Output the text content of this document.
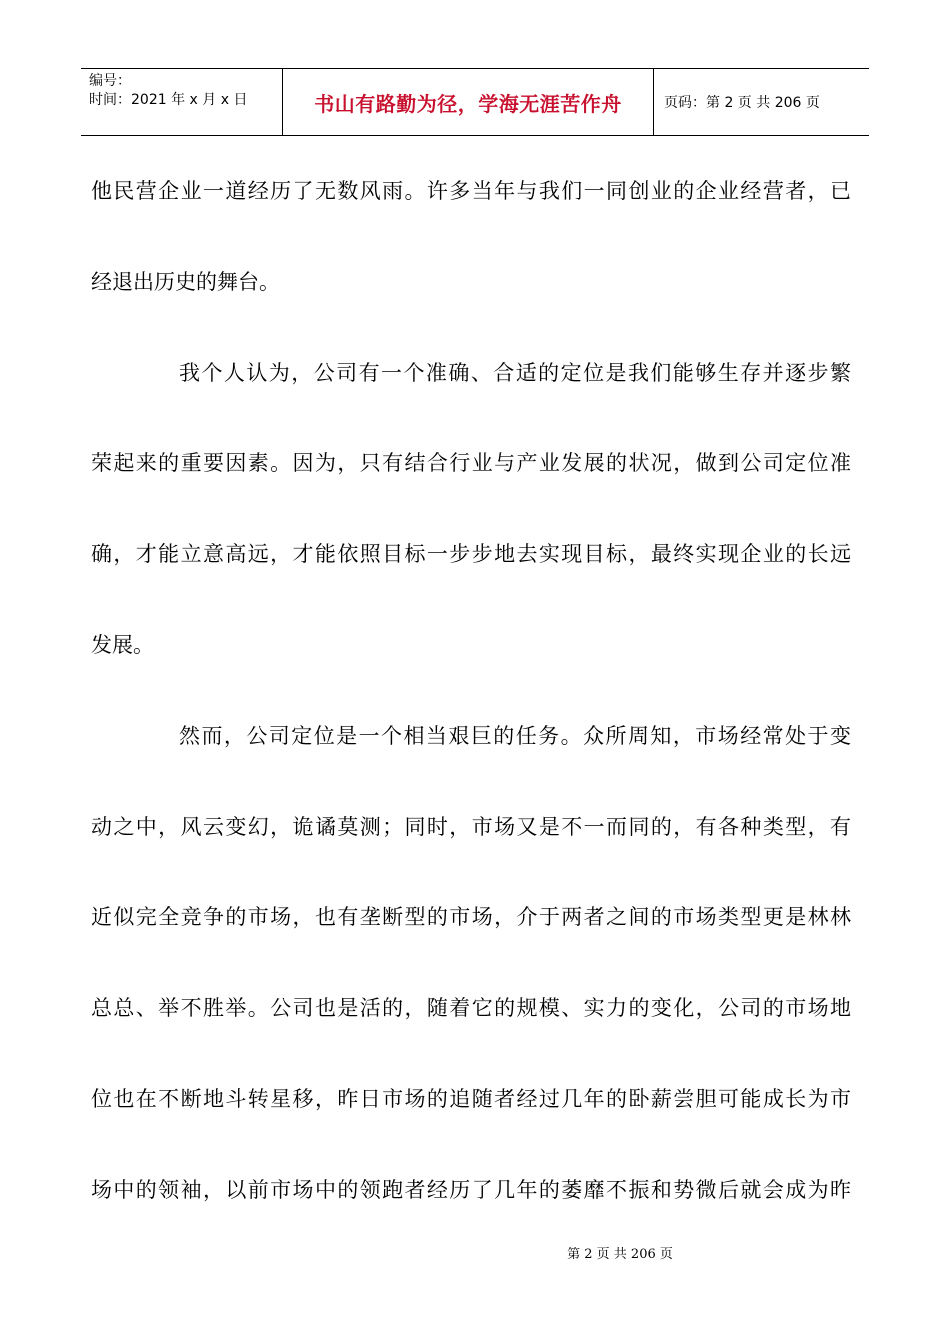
编号：
时间：2021 年 x 月 x 日	书山有路勤为径，学海无涯苦作舟	页码：第 2 页 共 206 页
他民营企业一道经历了无数风雨。许多当年与我们一同创业的企业经营者，已
经退出历史的舞台。
我个人认为，公司有一个准确、合适的定位是我们能够生存并逐步繁
荣起来的重要因素。因为，只有结合行业与产业发展的状况，做到公司定位准
确，才能立意高远，才能依照目标一步步地去实现目标，最终实现企业的长远
发展。
然而，公司定位是一个相当艰巨的任务。众所周知，市场经常处于变
动之中，风云变幻，诡谲莫测；同时，市场又是不一而同的，有各种类型，有
近似完全竞争的市场，也有垄断型的市场，介于两者之间的市场类型更是林林
总总、举不胜举。公司也是活的，随着它的规模、实力的变化，公司的市场地
位也在不断地斗转星移，昨日市场的追随者经过几年的卧薪尝胆可能成长为市
场中的领袖，以前市场中的领跑者经历了几年的萎靡不振和势微后就会成为昨
第 2 页 共 206 页
